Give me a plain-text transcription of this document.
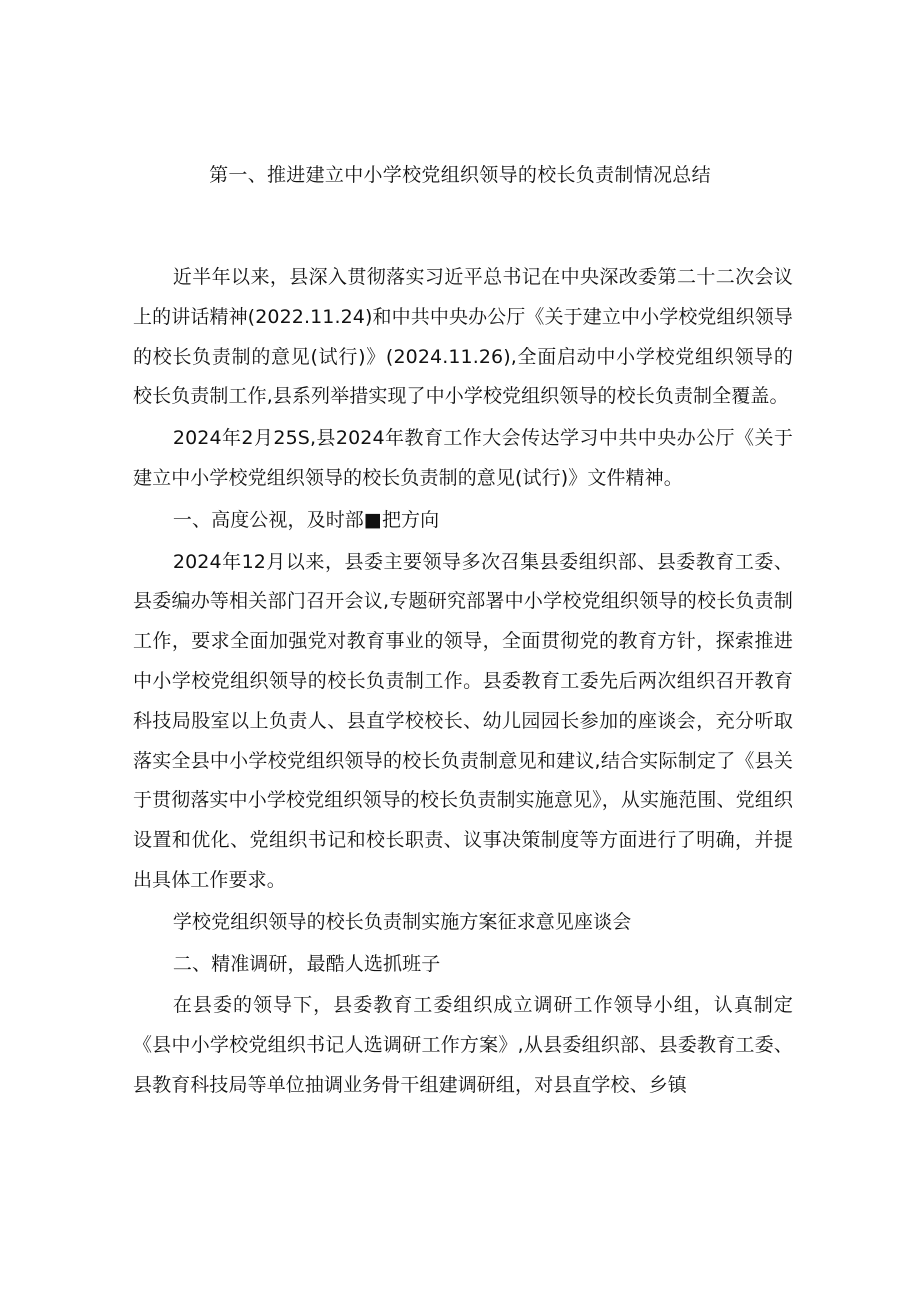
第一、推进建立中小学校党组织领导的校长负责制情况总结

近半年以来，县深入贯彻落实习近平总书记在中央深改委第二十二次会议上的讲话精神(2022.11.24)和中共中央办公厅《关于建立中小学校党组织领导的校长负责制的意见(试行)》(2024.11.26),全面启动中小学校党组织领导的校长负责制工作,县系列举措实现了中小学校党组织领导的校长负责制全覆盖。

2024年2月25S,县2024年教育工作大会传达学习中共中央办公厅《关于建立中小学校党组织领导的校长负责制的意见(试行)》文件精神。

一、高度公视，及时部■把方向

2024年12月以来，县委主要领导多次召集县委组织部、县委教育工委、县委编办等相关部门召开会议,专题研究部署中小学校党组织领导的校长负责制工作，要求全面加强党对教育事业的领导，全面贯彻党的教育方针，探索推进中小学校党组织领导的校长负责制工作。县委教育工委先后两次组织召开教育科技局股室以上负责人、县直学校校长、幼儿园园长参加的座谈会，充分听取落实全县中小学校党组织领导的校长负责制意见和建议,结合实际制定了《县关于贯彻落实中小学校党组织领导的校长负责制实施意见》，从实施范围、党组织设置和优化、党组织书记和校长职责、议事决策制度等方面进行了明确，并提出具体工作要求。

学校党组织领导的校长负责制实施方案征求意见座谈会

二、精准调研，最酷人选抓班子

在县委的领导下，县委教育工委组织成立调研工作领导小组，认真制定《县中小学校党组织书记人选调研工作方案》,从县委组织部、县委教育工委、县教育科技局等单位抽调业务骨干组建调研组，对县直学校、乡镇
